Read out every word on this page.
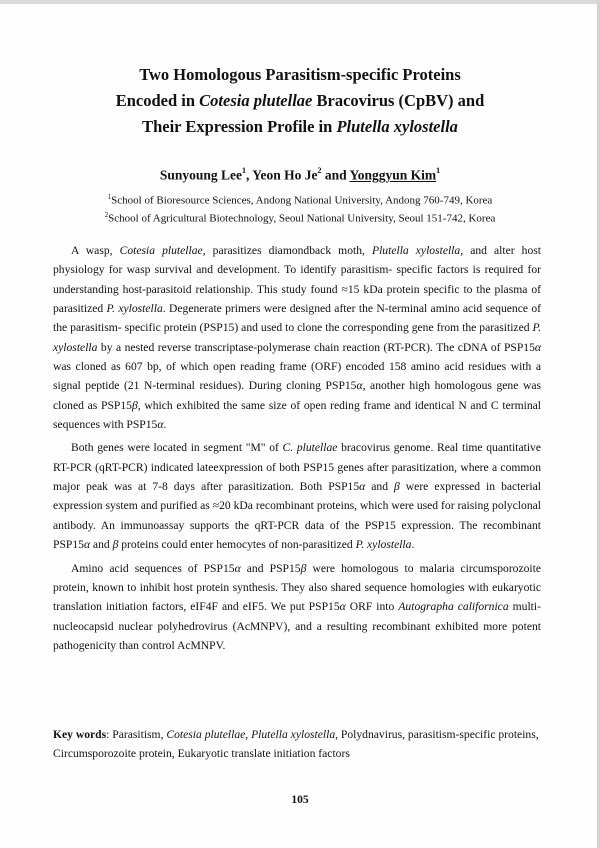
Two Homologous Parasitism-specific Proteins
Encoded in Cotesia plutellae Bracovirus (CpBV) and
Their Expression Profile in Plutella xylostella
Sunyoung Lee$^1$, Yeon Ho Je$^2$ and Yonggyun Kim$^1$
$^1$School of Bioresource Sciences, Andong National University, Andong 760-749, Korea
$^2$School of Agricultural Biotechnology, Seoul National University, Seoul 151-742, Korea

A wasp, Cotesia plutellae, parasitizes diamondback moth, Plutella xylostella, and alter host physiology for wasp survival and development. To identify parasitism- specific factors is required for understanding host-parasitoid relationship. This study found ≈15 kDa protein specific to the plasma of parasitized P. xylostella. Degenerate primers were designed after the N-terminal amino acid sequence of the parasitism- specific protein (PSP15) and used to clone the corresponding gene from the parasitized P. xylostella by a nested reverse transcriptase-polymerase chain reaction (RT-PCR). The cDNA of PSP15α was cloned as 607 bp, of which open reading frame (ORF) encoded 158 amino acid residues with a signal peptide (21 N-terminal residues). During cloning PSP15α, another high homologous gene was cloned as PSP15β, which exhibited the same size of open reding frame and identical N and C terminal sequences with PSP15α.

Both genes were located in segment "M" of C. plutellae bracovirus genome. Real time quantitative RT-PCR (qRT-PCR) indicated lateexpression of both PSP15 genes after parasitization, where a common major peak was at 7-8 days after parasitization. Both PSP15α and β were expressed in bacterial expression system and purified as ≈20 kDa recombinant proteins, which were used for raising polyclonal antibody. An immunoassay supports the qRT-PCR data of the PSP15 expression. The recombinant PSP15α and β proteins could enter hemocytes of non-parasitized P. xylostella.

Amino acid sequences of PSP15α and PSP15β were homologous to malaria circumsporozoite protein, known to inhibit host protein synthesis. They also shared sequence homologies with eukaryotic translation initiation factors, eIF4F and eIF5. We put PSP15α ORF into Autographa californica multi-nucleocapsid nuclear polyhedrovirus (AcMNPV), and a resulting recombinant exhibited more potent pathogenicity than control AcMNPV.

Key words: Parasitism, Cotesia plutellae, Plutella xylostella, Polydnavirus, parasitism-specific proteins, Circumsporozoite protein, Eukaryotic translate initiation factors
105
